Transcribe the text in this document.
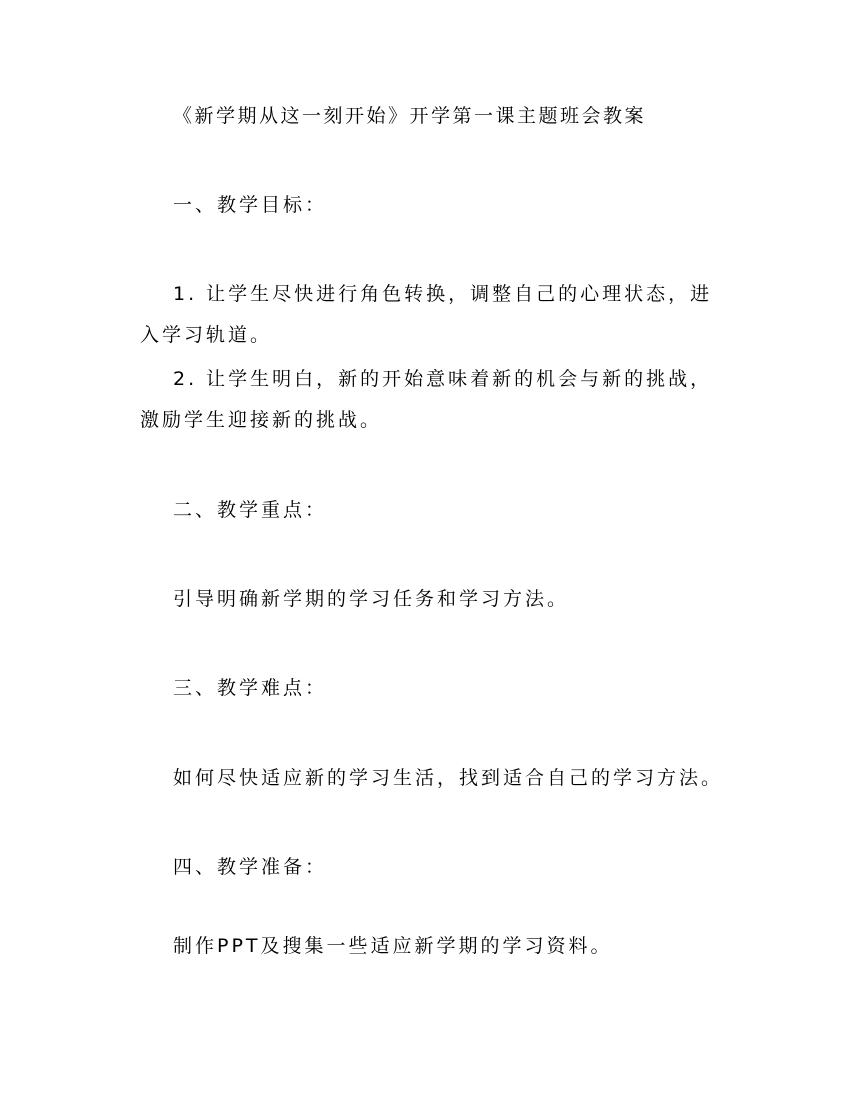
《新学期从这一刻开始》开学第一课主题班会教案
一、教学目标：
1. 让学生尽快进行角色转换，调整自己的心理状态，进
入学习轨道。
2. 让学生明白，新的开始意味着新的机会与新的挑战，
激励学生迎接新的挑战。
二、教学重点：
引导明确新学期的学习任务和学习方法。
三、教学难点：
如何尽快适应新的学习生活，找到适合自己的学习方法。
四、教学准备：
制作PPT及搜集一些适应新学期的学习资料。
